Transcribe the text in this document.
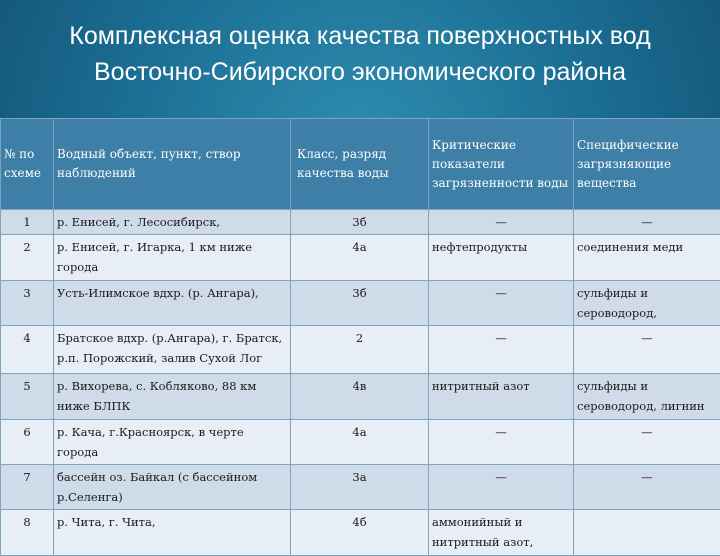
Комплексная оценка качества поверхностных вод
Восточно-Сибирского экономического района
№ по схеме	Водный объект, пункт, створ наблюдений	Класс, разряд качества воды	Критические показатели загрязненности воды	Специфические загрязняющие вещества
1	р. Енисей, г. Лесосибирск,	3б	—	—
2	р. Енисей, г. Игарка, 1 км ниже города	4а	нефтепродукты	соединения меди
3	Усть-Илимское вдхр. (р. Ангара),	3б	—	сульфиды и сероводород,
4	Братское вдхр. (р.Ангара), г. Братск, р.п. Порожский, залив Сухой Лог	2	—	—
5	р. Вихорева, с. Кобляково, 88 км ниже БЛПК	4в	нитритный азот	сульфиды и сероводород, лигнин
6	р. Кача, г.Красноярск, в черте города	4а	—	—
7	бассейн оз. Байкал (с бассейном р.Селенга)	3а	—	—
8	р. Чита, г. Чита,	4б	аммонийный и нитритный азот,	
